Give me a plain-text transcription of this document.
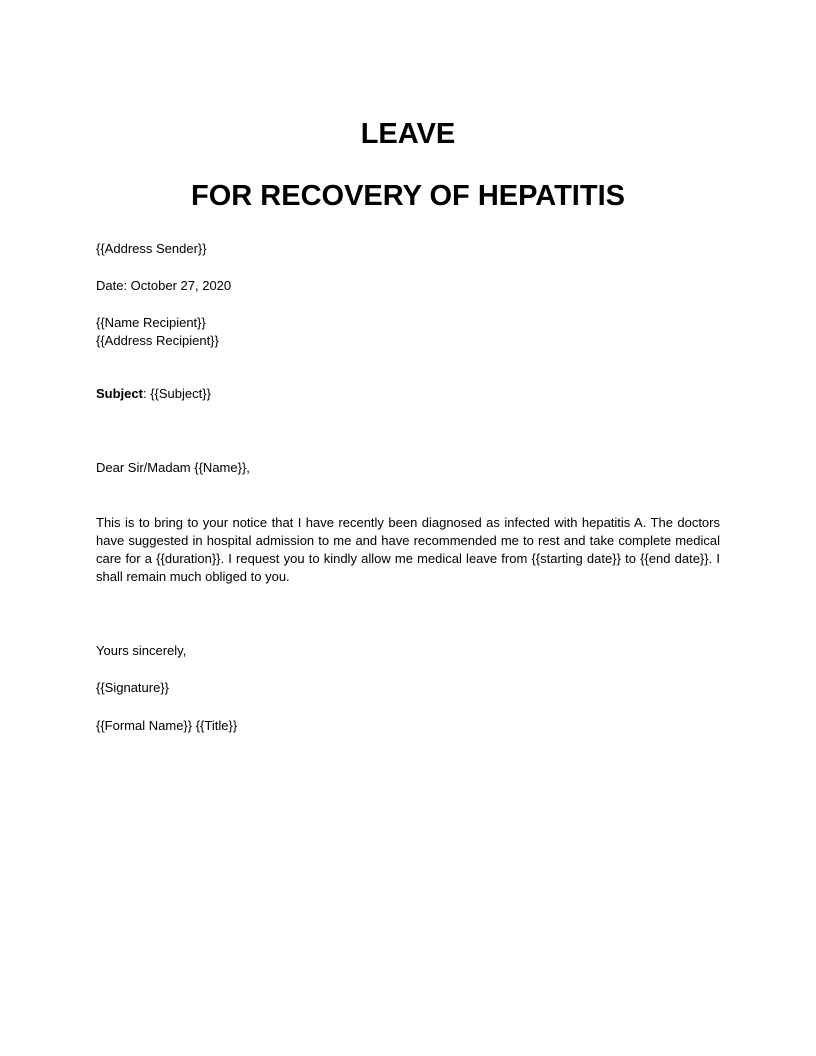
LEAVE
FOR RECOVERY OF HEPATITIS

{{Address Sender}}

Date: October 27, 2020

{{Name Recipient}}

{{Address Recipient}}

Subject: {{Subject}}

Dear Sir/Madam {{Name}},

This is to bring to your notice that I have recently been diagnosed as infected with hepatitis A. The doctors have suggested in hospital admission to me and have recommended me to rest and take complete medical care for a {{duration}}. I request you to kindly allow me medical leave from {{starting date}} to {{end date}}. I shall remain much obliged to you.

Yours sincerely,

{{Signature}}

{{Formal Name}} {{Title}}
